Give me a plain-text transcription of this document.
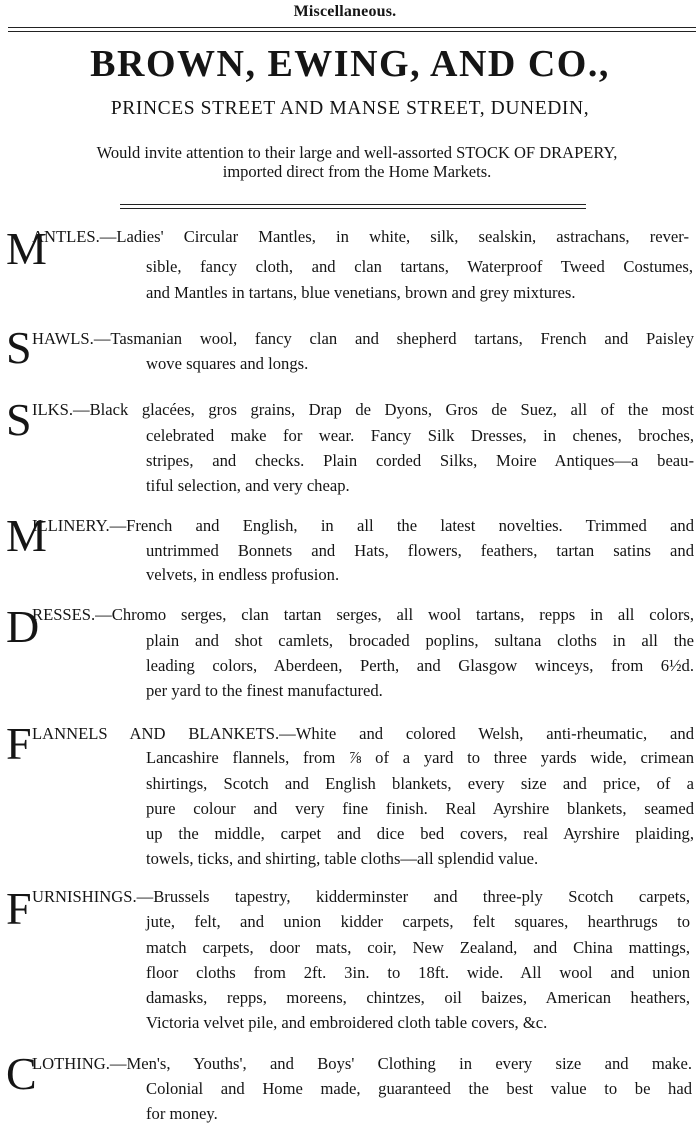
Miscellaneous.
BROWN, EWING, AND CO.,
PRINCES STREET AND MANSE STREET, DUNEDIN,
Would invite attention to their large and well-assorted STOCK OF DRAPERY,
imported direct from the Home Markets.
M
ANTLES.—Ladies' Circular Mantles, in white, silk, sealskin, astrachans, rever-
sible, fancy cloth, and clan tartans, Waterproof Tweed Costumes,
and Mantles in tartans, blue venetians, brown and grey mixtures.
S HAWLS.—Tasmanian wool, fancy clan and shepherd tartans, French and Paisley
wove squares and longs.
S ILKS.—Black glacées, gros grains, Drap de Dyons, Gros de Suez, all of the most
celebrated make for wear. Fancy Silk Dresses, in chenes, broches,
stripes, and checks. Plain corded Silks, Moire Antiques—a beau-
tiful selection, and very cheap.
M
ILLINERY.—French and English, in all the latest novelties. Trimmed and
untrimmed Bonnets and Hats, flowers, feathers, tartan satins and
velvets, in endless profusion.
D
RESSES.—Chromo serges, clan tartan serges, all wool tartans, repps in all colors,
plain and shot camlets, brocaded poplins, sultana cloths in all the
leading colors, Aberdeen, Perth, and Glasgow winceys, from 6½d.
per yard to the finest manufactured.
F LANNELS AND BLANKETS.—White and colored Welsh, anti-rheumatic, and
Lancashire flannels, from ⅞ of a yard to three yards wide, crimean
shirtings, Scotch and English blankets, every size and price, of a
pure colour and very fine finish. Real Ayrshire blankets, seamed
up the middle, carpet and dice bed covers, real Ayrshire plaiding,
towels, ticks, and shirting, table cloths—all splendid value.
F URNISHINGS.—Brussels tapestry, kidderminster and three-ply Scotch carpets,
jute, felt, and union kidder carpets, felt squares, hearthrugs to
match carpets, door mats, coir, New Zealand, and China mattings,
floor cloths from 2ft. 3in. to 18ft. wide. All wool and union
damasks, repps, moreens, chintzes, oil baizes, American heathers,
Victoria velvet pile, and embroidered cloth table covers, &c.
C
LOTHING.—Men's, Youths', and Boys' Clothing in every size and make.
Colonial and Home made, guaranteed the best value to be had
for money.
